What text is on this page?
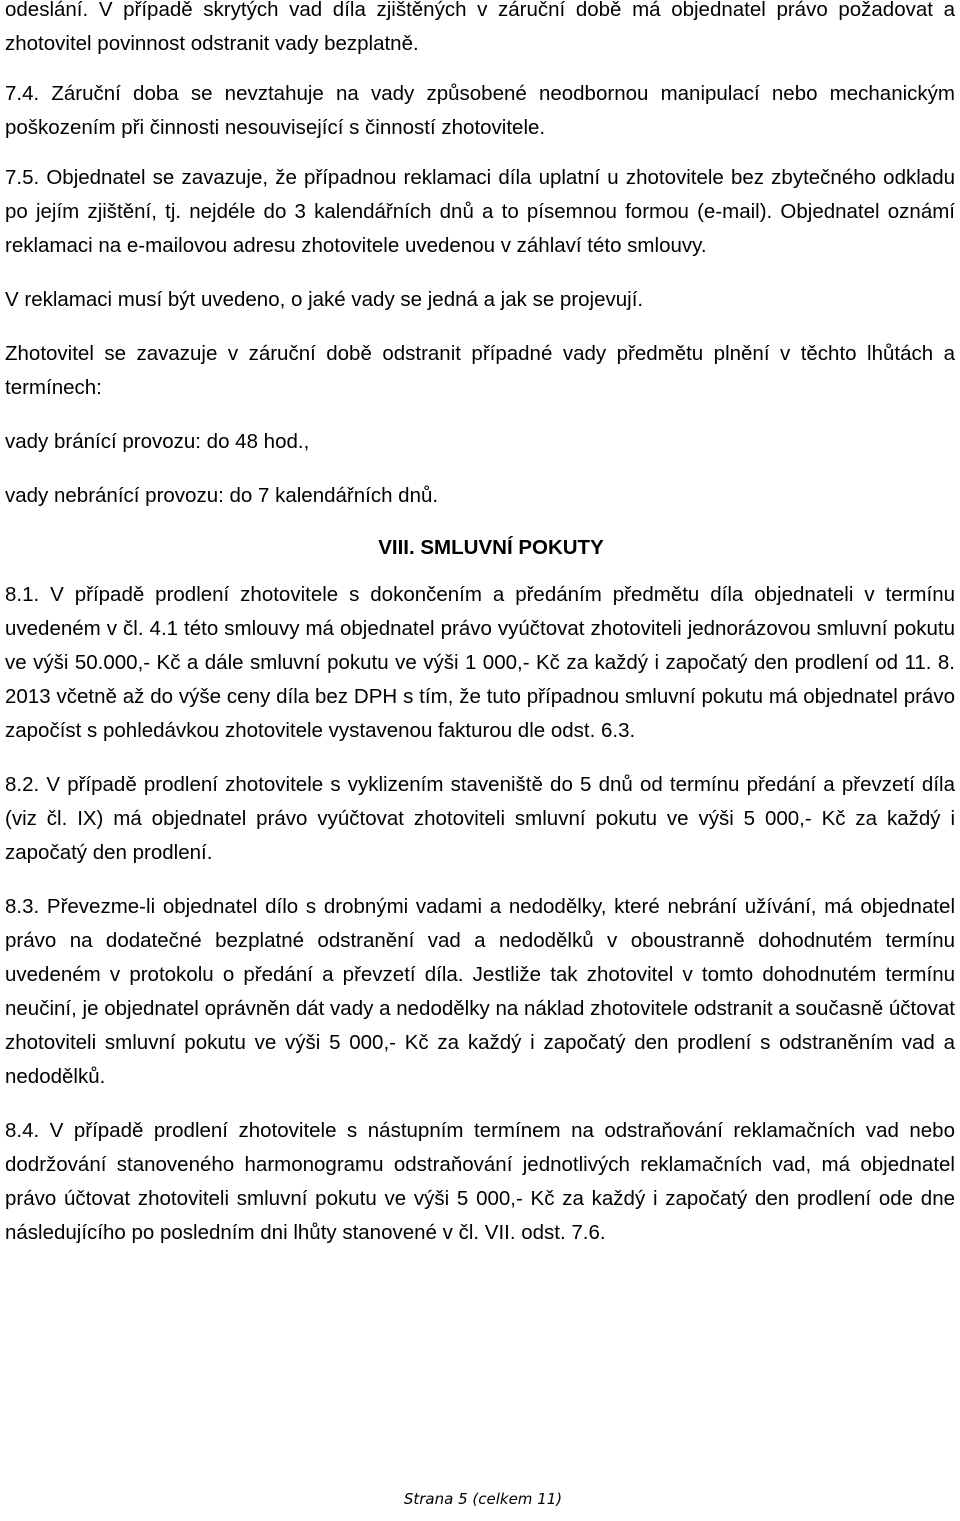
odeslání. V případě skrytých vad díla zjištěných v záruční době má objednatel právo požadovat a zhotovitel povinnost odstranit vady bezplatně.

7.4. Záruční doba se nevztahuje na vady způsobené neodbornou manipulací nebo mechanickým poškozením při činnosti nesouvisející s činností zhotovitele.

7.5. Objednatel se zavazuje, že případnou reklamaci díla uplatní u zhotovitele bez zbytečného odkladu po jejím zjištění, tj. nejdéle do 3 kalendářních dnů a to písemnou formou (e-mail). Objednatel oznámí reklamaci na e-mailovou adresu zhotovitele uvedenou v záhlaví této smlouvy.

V reklamaci musí být uvedeno, o jaké vady se jedná a jak se projevují.

Zhotovitel se zavazuje v záruční době odstranit případné vady předmětu plnění v těchto lhůtách a termínech:

vady bránící provozu: do 48 hod.,

vady nebránící provozu: do 7 kalendářních dnů.

VIII. SMLUVNÍ POKUTY

8.1. V případě prodlení zhotovitele s dokončením a předáním předmětu díla objednateli v termínu uvedeném v čl. 4.1 této smlouvy má objednatel právo vyúčtovat zhotoviteli jednorázovou smluvní pokutu ve výši 50.000,- Kč a dále smluvní pokutu ve výši 1 000,- Kč za každý i započatý den prodlení od 11. 8. 2013 včetně až do výše ceny díla bez DPH s tím, že tuto případnou smluvní pokutu má objednatel právo započíst s pohledávkou zhotovitele vystavenou fakturou dle odst. 6.3.

8.2. V případě prodlení zhotovitele s vyklizením staveniště do 5 dnů od termínu předání a převzetí díla (viz čl. IX) má objednatel právo vyúčtovat zhotoviteli smluvní pokutu ve výši 5 000,- Kč za každý i započatý den prodlení.

8.3. Převezme-li objednatel dílo s drobnými vadami a nedodělky, které nebrání užívání, má objednatel právo na dodatečné bezplatné odstranění vad a nedodělků v oboustranně dohodnutém termínu uvedeném v protokolu o předání a převzetí díla. Jestliže tak zhotovitel v tomto dohodnutém termínu neučiní, je objednatel oprávněn dát vady a nedodělky na náklad zhotovitele odstranit a současně účtovat zhotoviteli smluvní pokutu ve výši 5 000,- Kč za každý i započatý den prodlení s odstraněním vad a nedodělků.

8.4. V případě prodlení zhotovitele s nástupním termínem na odstraňování reklamačních vad nebo dodržování stanoveného harmonogramu odstraňování jednotlivých reklamačních vad, má objednatel právo účtovat zhotoviteli smluvní pokutu ve výši 5 000,- Kč za každý i započatý den prodlení ode dne následujícího po posledním dni lhůty stanovené v čl. VII. odst. 7.6.

Strana 5 (celkem 11)
